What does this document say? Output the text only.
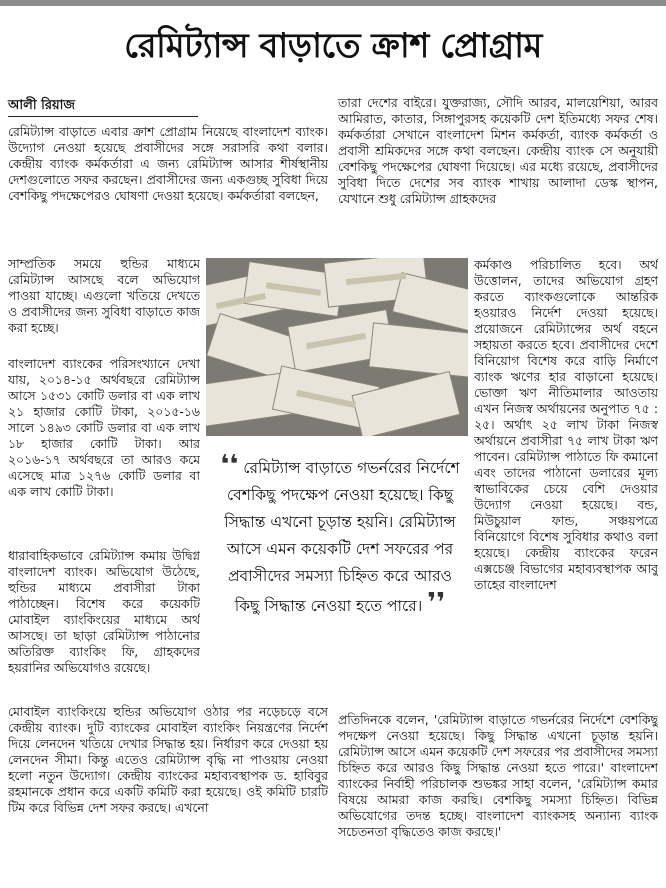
রেমিট্যান্স বাড়াতে ক্রাশ প্রোগ্রাম
আলী রিয়াজ

রেমিট্যান্স বাড়াতে এবার ক্রাশ প্রোগ্রাম নিয়েছে বাংলাদেশ ব্যাংক। উদ্যোগ নেওয়া হয়েছে প্রবাসীদের সঙ্গে সরাসরি কথা বলার। কেন্দ্রীয় ব্যাংক কর্মকর্তারা এ জন্য রেমিট্যান্স আসার শীর্ষস্থানীয় দেশগুলোতে সফর করছেন। প্রবাসীদের জন্য একগুচ্ছ সুবিধা দিয়ে বেশকিছু পদক্ষেপেরও ঘোষণা দেওয়া হয়েছে। কর্মকর্তারা বলছেন,

সাম্প্রতিক সময়ে হুন্ডির মাধ্যমে রেমিট্যান্স আসছে বলে অভিযোগ পাওয়া যাচ্ছে। এগুলো খতিয়ে দেখতে ও প্রবাসীদের জন্য সুবিধা বাড়াতে কাজ করা হচ্ছে।

বাংলাদেশ ব্যাংকের পরিসংখ্যানে দেখা যায়, ২০১৪-১৫ অর্থবছরে রেমিট্যান্স আসে ১৫৩১ কোটি ডলার বা এক লাখ ২১ হাজার কোটি টাকা, ২০১৫-১৬ সালে ১৪৯৩ কোটি ডলার বা এক লাখ ১৮ হাজার কোটি টাকা। আর ২০১৬-১৭ অর্থবছরে তা আরও কমে এসেছে মাত্র ১২৭৬ কোটি ডলার বা এক লাখ কোটি টাকা।

ধারাবাহিকভাবে রেমিট্যান্স কমায় উদ্বিগ্ন বাংলাদেশ ব্যাংক। অভিযোগ উঠেছে, হুন্ডির মাধ্যমে প্রবাসীরা টাকা পাঠাচ্ছেন। বিশেষ করে কয়েকটি মোবাইল ব্যাংকিংয়ের মাধ্যমে অর্থ আসছে। তা ছাড়া রেমিট্যান্স পাঠানোর অতিরিক্ত ব্যাংকিং ফি, গ্রাহকদের হয়রানির অভিযোগও রয়েছে।

❛❛ রেমিট্যান্স বাড়াতে গভর্নরের নির্দেশে বেশকিছু পদক্ষেপ নেওয়া হয়েছে। কিছু সিদ্ধান্ত এখনো চূড়ান্ত হয়নি। রেমিট্যান্স আসে এমন কয়েকটি দেশ সফরের পর প্রবাসীদের সমস্যা চিহ্নিত করে আরও কিছু সিদ্ধান্ত নেওয়া হতে পারে। ❜❜

মোবাইল ব্যাংকিংয়ে হুন্ডির অভিযোগ ওঠার পর নড়েচড়ে বসে কেন্দ্রীয় ব্যাংক। দুটি ব্যাংকের মোবাইল ব্যাংকিং নিয়ন্ত্রণের নির্দেশ দিয়ে লেনদেন খতিয়ে দেখার সিদ্ধান্ত হয়। নির্ধারণ করে দেওয়া হয় লেনদেন সীমা। কিন্তু এতেও রেমিট্যান্স বৃদ্ধি না পাওয়ায় নেওয়া হলো নতুন উদ্যোগ। কেন্দ্রীয় ব্যাংকের মহাব্যবস্থাপক ড. হাবিবুর রহমানকে প্রধান করে একটি কমিটি করা হয়েছে। ওই কমিটি চারটি টিম করে বিভিন্ন দেশ সফর করছে। এখনো

তারা দেশের বাইরে। যুক্তরাজ্য, সৌদি আরব, মালয়েশিয়া, আরব আমিরাত, কাতার, সিঙ্গাপুরসহ কয়েকটি দেশ ইতিমধ্যে সফর শেষ। কর্মকর্তারা সেখানে বাংলাদেশ মিশন কর্মকর্তা, ব্যাংক কর্মকর্তা ও প্রবাসী শ্রমিকদের সঙ্গে কথা বলছেন। কেন্দ্রীয় ব্যাংক সে অনুযায়ী বেশকিছু পদক্ষেপের ঘোষণা দিয়েছে। এর মধ্যে রয়েছে, প্রবাসীদের সুবিধা দিতে দেশের সব ব্যাংক শাখায় আলাদা ডেস্ক স্থাপন, যেখানে শুধু রেমিট্যান্স গ্রাহকদের

কর্মকাণ্ড পরিচালিত হবে। অর্থ উত্তোলন, তাদের অভিযোগ গ্রহণ করতে ব্যাংকগুলোকে আন্তরিক হওয়ারও নির্দেশ দেওয়া হয়েছে। প্রয়োজনে রেমিট্যান্সের অর্থ বহনে সহায়তা করতে হবে। প্রবাসীদের দেশে বিনিয়োগ বিশেষ করে বাড়ি নির্মাণে ব্যাংক ঋণের হার বাড়ানো হয়েছে। ভোক্তা ঋণ নীতিমালার আওতায় এখন নিজস্ব অর্থায়নের অনুপাত ৭৫ : ২৫। অর্থাৎ ২৫ লাখ টাকা নিজস্ব অর্থায়নে প্রবাসীরা ৭৫ লাখ টাকা ঋণ পাবেন। রেমিট্যান্স পাঠাতে ফি কমানো এবং তাদের পাঠানো ডলারের মূল্য স্বাভাবিকের চেয়ে বেশি দেওয়ার উদ্যোগ নেওয়া হয়েছে। বন্ড, মিউচুয়াল ফান্ড, সঞ্চয়পত্রে বিনিয়োগে বিশেষ সুবিধার কথাও বলা হয়েছে। কেন্দ্রীয় ব্যাংকের ফরেন এক্সচেঞ্জ বিভাগের মহাব্যবস্থাপক আবু তাহের বাংলাদেশ

প্রতিদিনকে বলেন, 'রেমিট্যান্স বাড়াতে গভর্নরের নির্দেশে বেশকিছু পদক্ষেপ নেওয়া হয়েছে। কিছু সিদ্ধান্ত এখনো চূড়ান্ত হয়নি। রেমিট্যান্স আসে এমন কয়েকটি দেশ সফরের পর প্রবাসীদের সমস্যা চিহ্নিত করে আরও কিছু সিদ্ধান্ত নেওয়া হতে পারে।' বাংলাদেশ ব্যাংকের নির্বাহী পরিচালক শুভঙ্কর সাহা বলেন, 'রেমিট্যান্স কমার বিষয়ে আমরা কাজ করছি। বেশকিছু সমস্যা চিহ্নিত। বিভিন্ন অভিযোগের তদন্ত হচ্ছে। বাংলাদেশ ব্যাংকসহ অন্যান্য ব্যাংক সচেতনতা বৃদ্ধিতেও কাজ করছে।'
